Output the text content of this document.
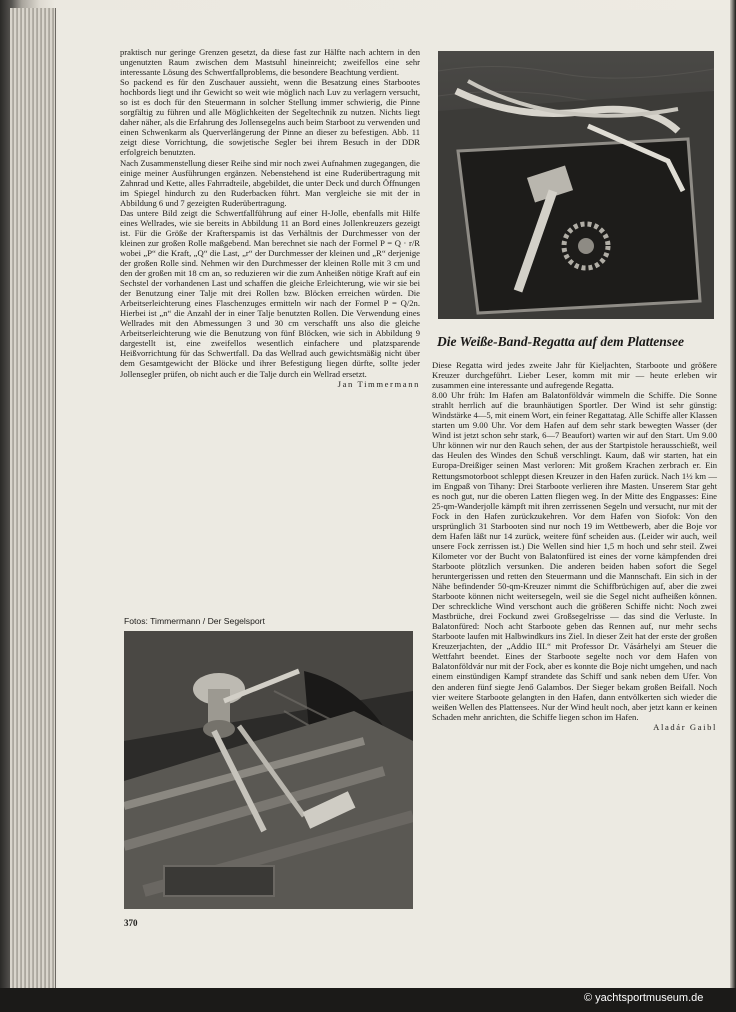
praktisch nur geringe Grenzen gesetzt, da diese fast zur Hälfte nach achtern in den ungenutzten Raum zwischen dem Mastsuhl hineinreicht; zweifellos eine sehr interessante Lösung des Schwertfallproblems, die besondere Beachtung verdient.

So packend es für den Zuschauer aussieht, wenn die Besatzung eines Starbootes hochbords liegt und ihr Gewicht so weit wie möglich nach Luv zu verlagern versucht, so ist es doch für den Steuermann in solcher Stellung immer schwierig, die Pinne sorgfältig zu führen und alle Möglichkeiten der Segeltechnik zu nutzen. Nichts liegt daher näher, als die Erfahrung des Jollensegelns auch beim Starboot zu verwenden und einen Schwenkarm als Querverlängerung der Pinne an dieser zu befestigen. Abb. 11 zeigt diese Vorrichtung, die sowjetische Segler bei ihrem Besuch in der DDR erfolgreich benutzten.

Nach Zusammenstellung dieser Reihe sind mir noch zwei Aufnahmen zugegangen, die einige meiner Ausführungen ergänzen. Nebenstehend ist eine Ruderübertragung mit Zahnrad und Kette, alles Fahrradteile, abgebildet, die unter Deck und durch Öffnungen im Spiegel hindurch zu den Ruderbacken führt. Man vergleiche sie mit der in Abbildung 6 und 7 gezeigten Ruderübertragung.

Das untere Bild zeigt die Schwertfallführung auf einer H-Jolle, ebenfalls mit Hilfe eines Wellrades, wie sie bereits in Abbildung 11 an Bord eines Jollenkreuzers gezeigt ist. Für die Größe der Krafterspamis ist das Verhältnis der Durchmesser von der kleinen zur großen Rolle maßgebend. Man berechnet sie nach der Formel P = Q · r/R wobei „P“ die Kraft, „Q“ die Last, „r“ der Durchmesser der kleinen und „R“ derjenige der großen Rolle sind. Nehmen wir den Durchmesser der kleinen Rolle mit 3 cm und den der großen mit 18 cm an, so reduzieren wir die zum Anheißen nötige Kraft auf ein Sechstel der vorhandenen Last und schaffen die gleiche Erleichterung, wie wir sie bei der Benutzung einer Talje mit drei Rollen bzw. Blöcken erreichen würden. Die Arbeitserleichterung eines Flaschenzuges ermitteln wir nach der Formel P = Q/2n. Hierbei ist „n“ die Anzahl der in einer Talje benutzten Rollen. Die Verwendung eines Wellrades mit den Abmessungen 3 und 30 cm verschafft uns also die gleiche Arbeitserleichterung wie die Benutzung von fünf Blöcken, wie sich in Abbildung 9 dargestellt ist, eine zweifellos wesentlich einfachere und platzsparende Heißvorrichtung für das Schwertfall. Da das Wellrad auch gewichtsmäßig nicht über dem Gesamtgewicht der Blöcke und ihrer Befestigung liegen dürfte, sollte jeder Jollensegler prüfen, ob nicht auch er die Talje durch ein Wellrad ersetzt.

Jan Timmermann

Fotos: Timmermann / Der Segelsport
Die Weiße-Band-Regatta auf dem Plattensee

Diese Regatta wird jedes zweite Jahr für Kieljachten, Starboote und größere Kreuzer durchgeführt. Lieber Leser, komm mit mir — heute erleben wir zusammen eine interessante und aufregende Regatta.

8.00 Uhr früh: Im Hafen am Balatonföldvár wimmeln die Schiffe. Die Sonne strahlt herrlich auf die braunhäutigen Sportler. Der Wind ist sehr günstig: Windstärke 4—5, mit einem Wort, ein feiner Regattatag. Alle Schiffe aller Klassen starten um 9.00 Uhr. Vor dem Hafen auf dem sehr stark bewegten Wasser (der Wind ist jetzt schon sehr stark, 6—7 Beaufort) warten wir auf den Start. Um 9.00 Uhr können wir nur den Rauch sehen, der aus der Startpistole herausschießt, weil das Heulen des Windes den Schuß verschlingt. Kaum, daß wir starten, hat ein Europa-Dreißiger seinen Mast verloren: Mit großem Krachen zerbrach er. Ein Rettungsmotorboot schleppt diesen Kreuzer in den Hafen zurück. Nach 1½ km — im Engpaß von Tihany: Drei Starboote verlieren ihre Masten. Unserem Star geht es noch gut, nur die oberen Latten fliegen weg. In der Mitte des Engpasses: Eine 25-qm-Wanderjolle kämpft mit ihren zerrissenen Segeln und versucht, nur mit der Fock in den Hafen zurückzukehren. Vor dem Hafen von Siofok: Von den ursprünglich 31 Starbooten sind nur noch 19 im Wettbewerb, aber die Boje vor dem Hafen läßt nur 14 zurück, weitere fünf scheiden aus. (Leider wir auch, weil unsere Fock zerrissen ist.) Die Wellen sind hier 1,5 m hoch und sehr steil. Zwei Kilometer vor der Bucht von Balatonfüred ist eines der vorne kämpfenden drei Starboote plötzlich versunken. Die anderen beiden haben sofort die Segel heruntergerissen und retten den Steuermann und die Mannschaft. Ein sich in der Nähe befindender 50-qm-Kreuzer nimmt die Schiffbrüchigen auf, aber die zwei Starboote können nicht weitersegeln, weil sie die Segel nicht aufheißen können. Der schreckliche Wind verschont auch die größeren Schiffe nicht: Noch zwei Mastbrüche, drei Fockund zwei Großsegelrisse — das sind die Verluste. In Balatonfüred: Noch acht Starboote geben das Rennen auf, nur mehr sechs Starboote laufen mit Halbwindkurs ins Ziel. In dieser Zeit hat der erste der großen Kreuzerjachten, der „Addio III.“ mit Professor Dr. Vásárhelyi am Steuer die Wettfahrt beendet. Eines der Starboote segelte noch vor dem Hafen von Balatonföldvár nur mit der Fock, aber es konnte die Boje nicht umgehen, und nach einem einstündigen Kampf strandete das Schiff und sank neben dem Ufer. Von den anderen fünf siegte Jenő Galambos. Der Sieger bekam großen Beifall. Noch vier weitere Starboote gelangten in den Hafen, dann entvölkerten sich wieder die weißen Wellen des Plattensees. Nur der Wind heult noch, aber jetzt kann er keinen Schaden mehr anrichten, die Schiffe liegen schon im Hafen.

Aladár Gaibl

370
© yachtsportmuseum.de
